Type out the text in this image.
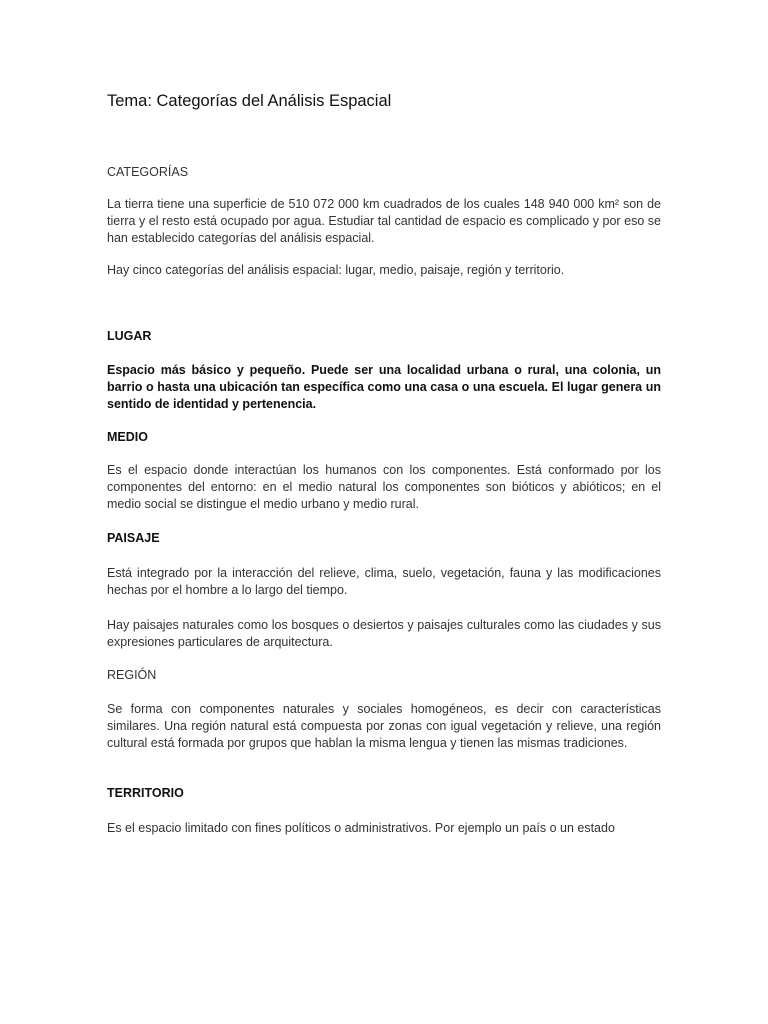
Tema: Categorías del Análisis Espacial
CATEGORÍAS

La tierra tiene una superficie de 510 072 000 km cuadrados de los cuales 148 940 000 km² son de tierra y el resto está ocupado por agua. Estudiar tal cantidad de espacio es complicado y por eso se han establecido categorías del análisis espacial.

Hay cinco categorías del análisis espacial: lugar, medio, paisaje, región y territorio.

LUGAR

Espacio más básico y pequeño. Puede ser una localidad urbana o rural, una colonia, un barrio o hasta una ubicación tan específica como una casa o una escuela. El lugar genera un sentido de identidad y pertenencia.

MEDIO

Es el espacio donde interactúan los humanos con los componentes. Está conformado por los componentes del entorno: en el medio natural los componentes son bióticos y abióticos; en el medio social se distingue el medio urbano y medio rural.

PAISAJE

Está integrado por la interacción del relieve, clima, suelo, vegetación, fauna y las modificaciones hechas por el hombre a lo largo del tiempo.

Hay paisajes naturales como los bosques o desiertos y paisajes culturales como las ciudades y sus expresiones particulares de arquitectura.

REGIÓN

Se forma con componentes naturales y sociales homogéneos, es decir con características similares. Una región natural está compuesta por zonas con igual vegetación y relieve, una región cultural está formada por grupos que hablan la misma lengua y tienen las mismas tradiciones.

TERRITORIO

Es el espacio limitado con fines políticos o administrativos. Por ejemplo un país o un estado
